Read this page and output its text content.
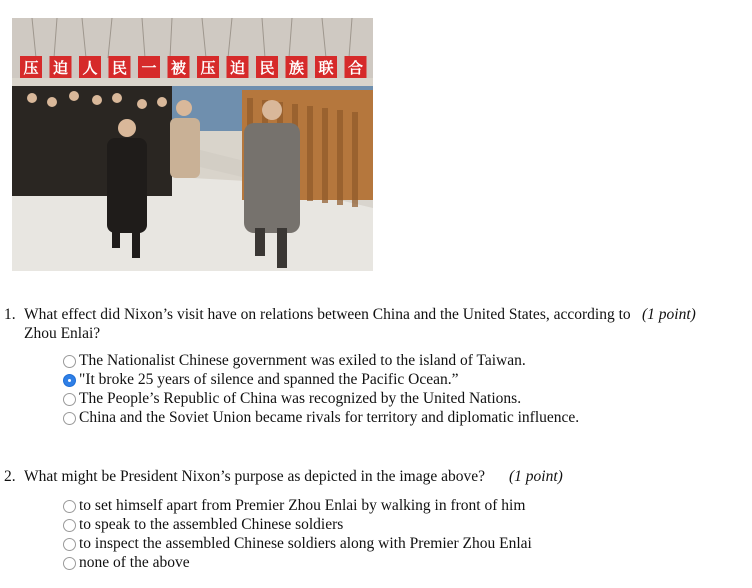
压 迫 人 民 一 被 压 迫 民 族 联 合
1. What effect did Nixon’s visit have on relations between China and the United States, according to Zhou Enlai?
(1 point)
The Nationalist Chinese government was exiled to the island of Taiwan.
"It broke 25 years of silence and spanned the Pacific Ocean.”
The People’s Republic of China was recognized by the United Nations.
China and the Soviet Union became rivals for territory and diplomatic influence.
2. What might be President Nixon’s purpose as depicted in the image above?	(1 point)
to set himself apart from Premier Zhou Enlai by walking in front of him
to speak to the assembled Chinese soldiers
to inspect the assembled Chinese soldiers along with Premier Zhou Enlai
none of the above
